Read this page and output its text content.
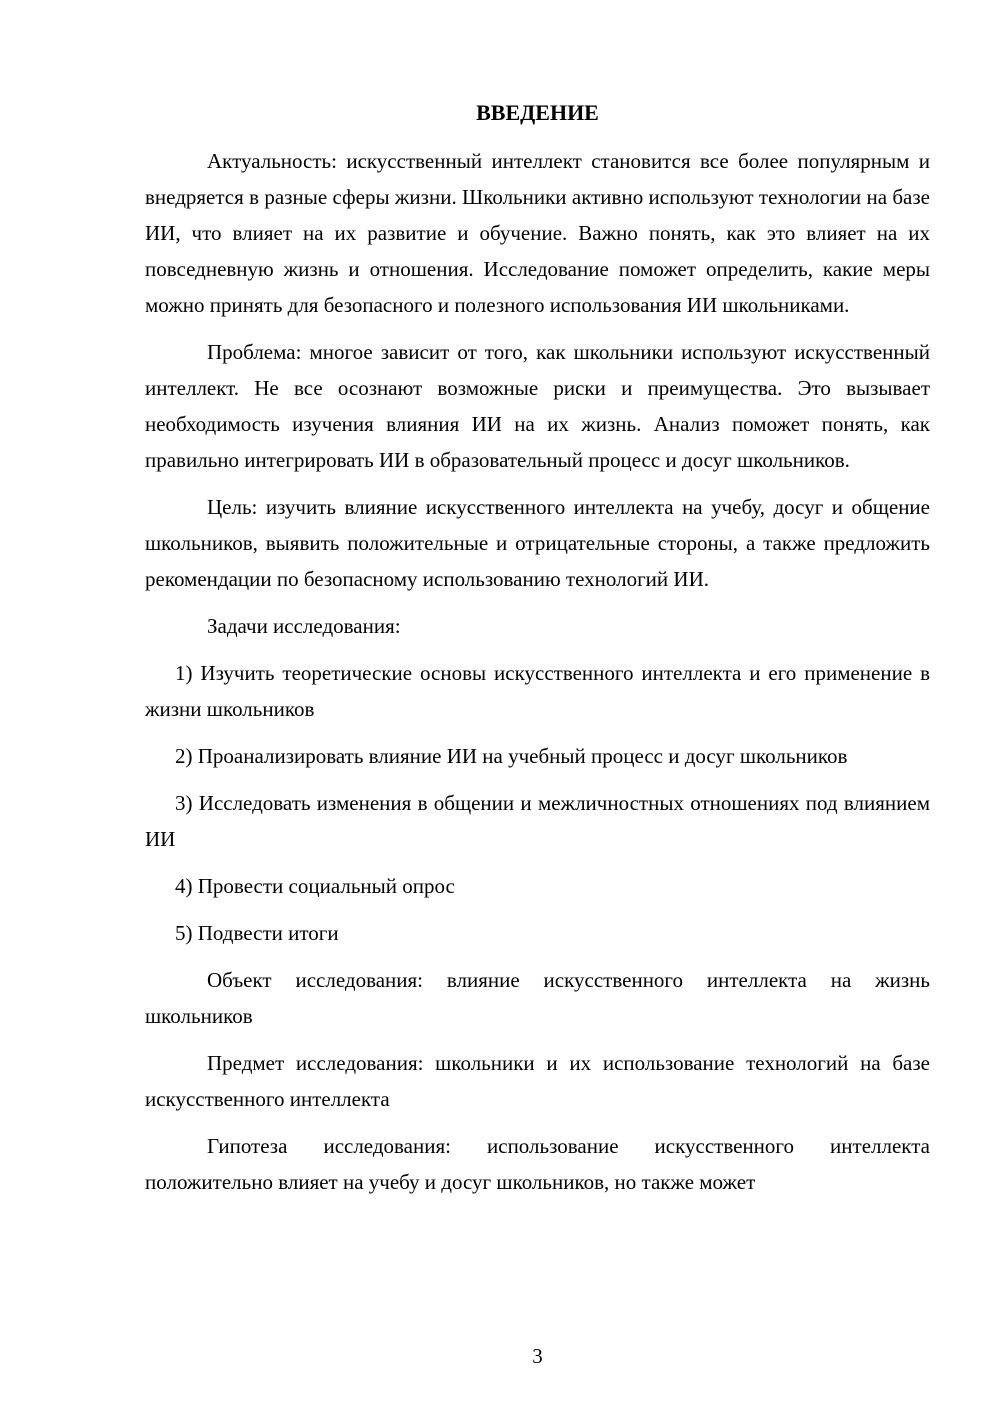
ВВЕДЕНИЕ

Актуальность: искусственный интеллект становится все более популярным и внедряется в разные сферы жизни. Школьники активно используют технологии на базе ИИ, что влияет на их развитие и обучение. Важно понять, как это влияет на их повседневную жизнь и отношения. Исследование поможет определить, какие меры можно принять для безопасного и полезного использования ИИ школьниками.

Проблема: многое зависит от того, как школьники используют искусственный интеллект. Не все осознают возможные риски и преимущества. Это вызывает необходимость изучения влияния ИИ на их жизнь. Анализ поможет понять, как правильно интегрировать ИИ в образовательный процесс и досуг школьников.

Цель: изучить влияние искусственного интеллекта на учебу, досуг и общение школьников, выявить положительные и отрицательные стороны, а также предложить рекомендации по безопасному использованию технологий ИИ.

Задачи исследования:

1) Изучить теоретические основы искусственного интеллекта и его применение в жизни школьников

2) Проанализировать влияние ИИ на учебный процесс и досуг школьников

3) Исследовать изменения в общении и межличностных отношениях под влиянием ИИ

4) Провести социальный опрос

5) Подвести итоги

Объект исследования: влияние искусственного интеллекта на жизнь школьников

Предмет исследования: школьники и их использование технологий на базе искусственного интеллекта

Гипотеза исследования: использование искусственного интеллекта положительно влияет на учебу и досуг школьников, но также может

3
